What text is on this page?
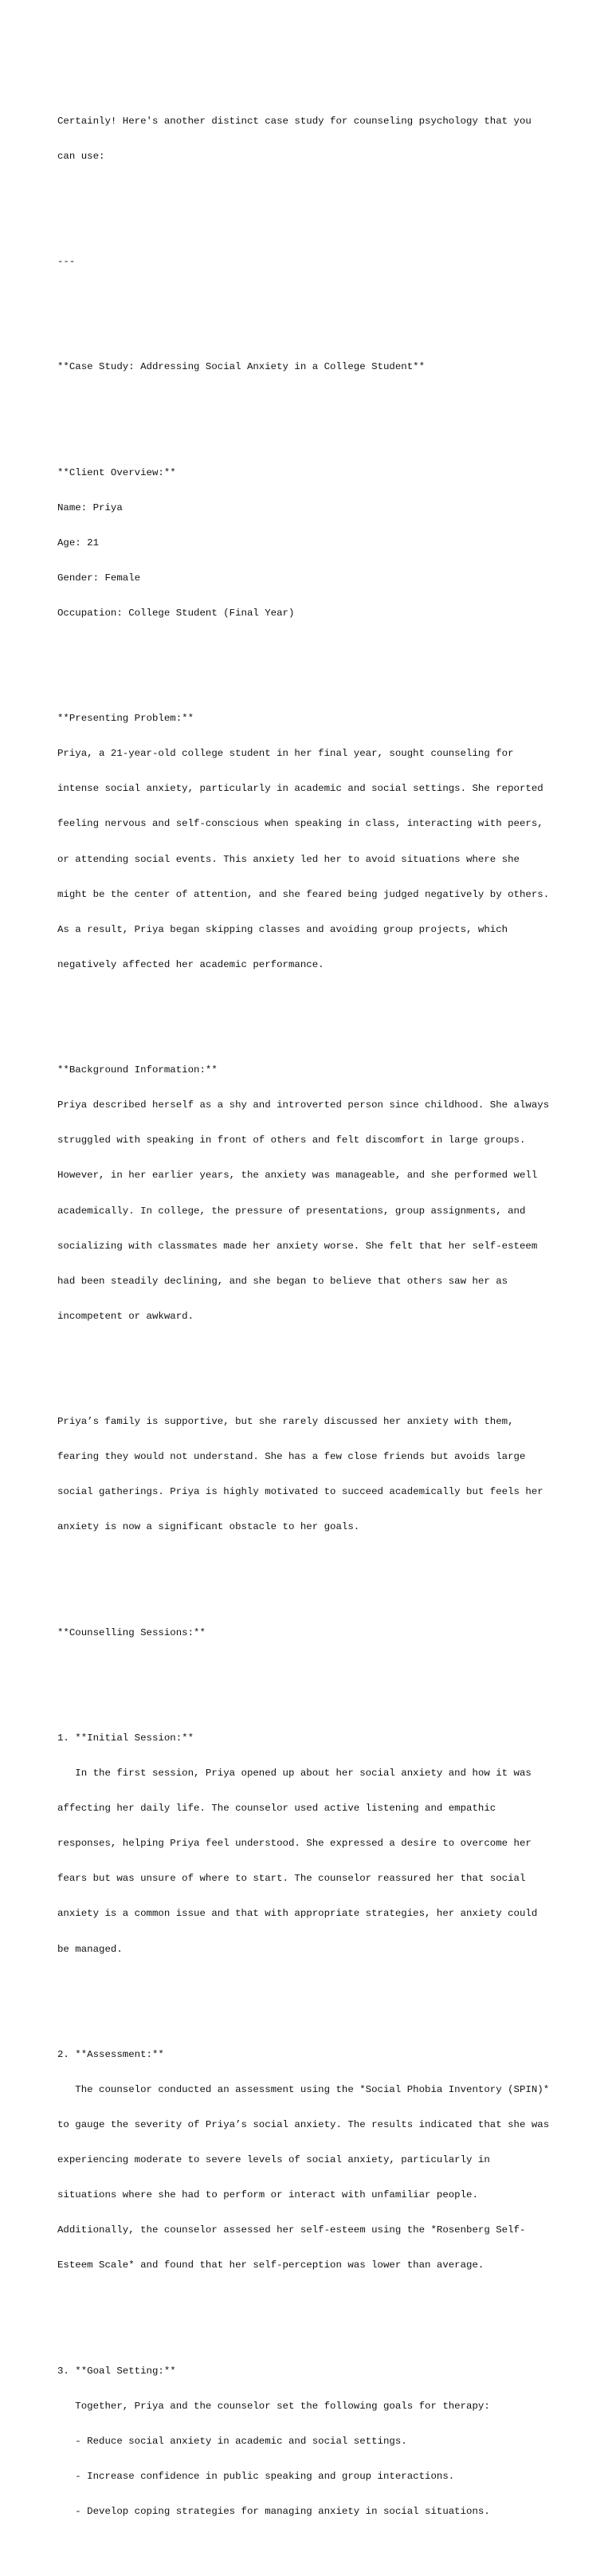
Certainly! Here's another distinct case study for counseling psychology that you

can use:

---

**Case Study: Addressing Social Anxiety in a College Student**

**Client Overview:**

Name: Priya

Age: 21

Gender: Female

Occupation: College Student (Final Year)

**Presenting Problem:**

Priya, a 21-year-old college student in her final year, sought counseling for

intense social anxiety, particularly in academic and social settings. She reported

feeling nervous and self-conscious when speaking in class, interacting with peers,

or attending social events. This anxiety led her to avoid situations where she

might be the center of attention, and she feared being judged negatively by others.

As a result, Priya began skipping classes and avoiding group projects, which

negatively affected her academic performance.

**Background Information:**

Priya described herself as a shy and introverted person since childhood. She always

struggled with speaking in front of others and felt discomfort in large groups.

However, in her earlier years, the anxiety was manageable, and she performed well

academically. In college, the pressure of presentations, group assignments, and

socializing with classmates made her anxiety worse. She felt that her self-esteem

had been steadily declining, and she began to believe that others saw her as

incompetent or awkward.

Priya’s family is supportive, but she rarely discussed her anxiety with them,

fearing they would not understand. She has a few close friends but avoids large

social gatherings. Priya is highly motivated to succeed academically but feels her

anxiety is now a significant obstacle to her goals.

**Counselling Sessions:**

1. **Initial Session:**

In the first session, Priya opened up about her social anxiety and how it was

affecting her daily life. The counselor used active listening and empathic

responses, helping Priya feel understood. She expressed a desire to overcome her

fears but was unsure of where to start. The counselor reassured her that social

anxiety is a common issue and that with appropriate strategies, her anxiety could

be managed.

2. **Assessment:**

The counselor conducted an assessment using the *Social Phobia Inventory (SPIN)*

to gauge the severity of Priya’s social anxiety. The results indicated that she was

experiencing moderate to severe levels of social anxiety, particularly in

situations where she had to perform or interact with unfamiliar people.

Additionally, the counselor assessed her self-esteem using the *Rosenberg Self-

Esteem Scale* and found that her self-perception was lower than average.

3. **Goal Setting:**

Together, Priya and the counselor set the following goals for therapy:

- Reduce social anxiety in academic and social settings.

- Increase confidence in public speaking and group interactions.

- Develop coping strategies for managing anxiety in social situations.
